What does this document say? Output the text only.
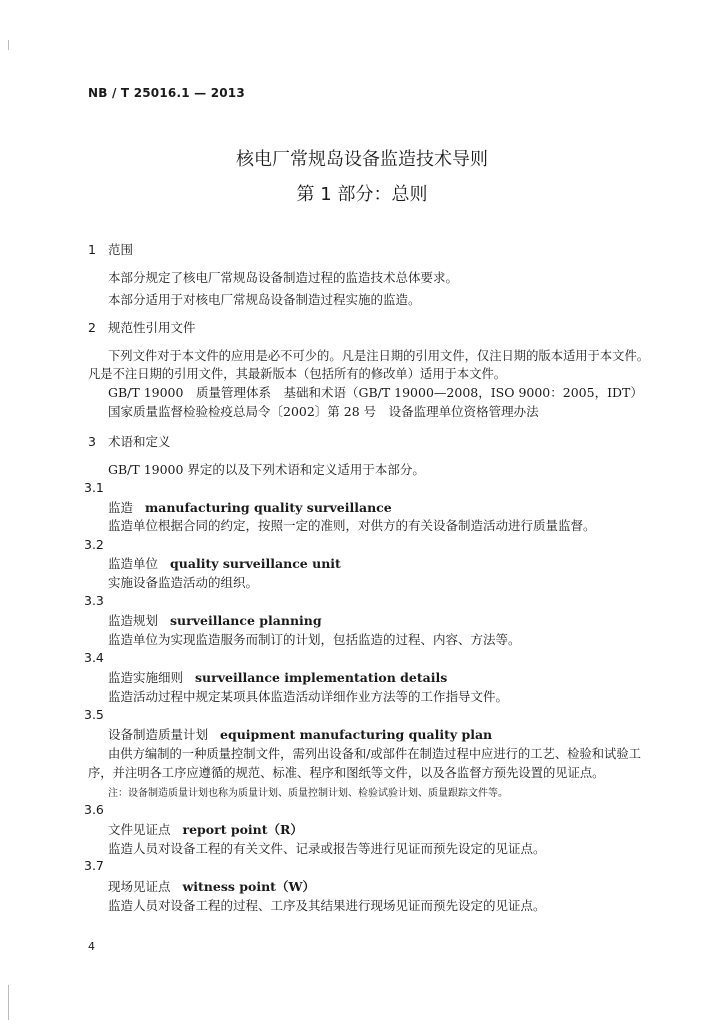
NB / T 25016.1 — 2013
核电厂常规岛设备监造技术导则
第 1 部分：总则
1 范围
本部分规定了核电厂常规岛设备制造过程的监造技术总体要求。
本部分适用于对核电厂常规岛设备制造过程实施的监造。
2 规范性引用文件
下列文件对于本文件的应用是必不可少的。凡是注日期的引用文件，仅注日期的版本适用于本文件。
凡是不注日期的引用文件，其最新版本（包括所有的修改单）适用于本文件。
GB/T 19000　质量管理体系　基础和术语（GB/T 19000—2008，ISO 9000：2005，IDT）
国家质量监督检验检疫总局令〔2002〕第 28 号　设备监理单位资格管理办法
3 术语和定义
GB/T 19000 界定的以及下列术语和定义适用于本部分。
3.1
监造 manufacturing quality surveillance
监造单位根据合同的约定，按照一定的准则，对供方的有关设备制造活动进行质量监督。
3.2
监造单位 quality surveillance unit
实施设备监造活动的组织。
3.3
监造规划 surveillance planning
监造单位为实现监造服务而制订的计划，包括监造的过程、内容、方法等。
3.4
监造实施细则 surveillance implementation details
监造活动过程中规定某项具体监造活动详细作业方法等的工作指导文件。
3.5
设备制造质量计划 equipment manufacturing quality plan
由供方编制的一种质量控制文件，需列出设备和/或部件在制造过程中应进行的工艺、检验和试验工
序，并注明各工序应遵循的规范、标准、程序和图纸等文件，以及各监督方预先设置的见证点。
注：设备制造质量计划也称为质量计划、质量控制计划、检验试验计划、质量跟踪文件等。
3.6
文件见证点 report point（R）
监造人员对设备工程的有关文件、记录或报告等进行见证而预先设定的见证点。
3.7
现场见证点 witness point（W）
监造人员对设备工程的过程、工序及其结果进行现场见证而预先设定的见证点。
4
